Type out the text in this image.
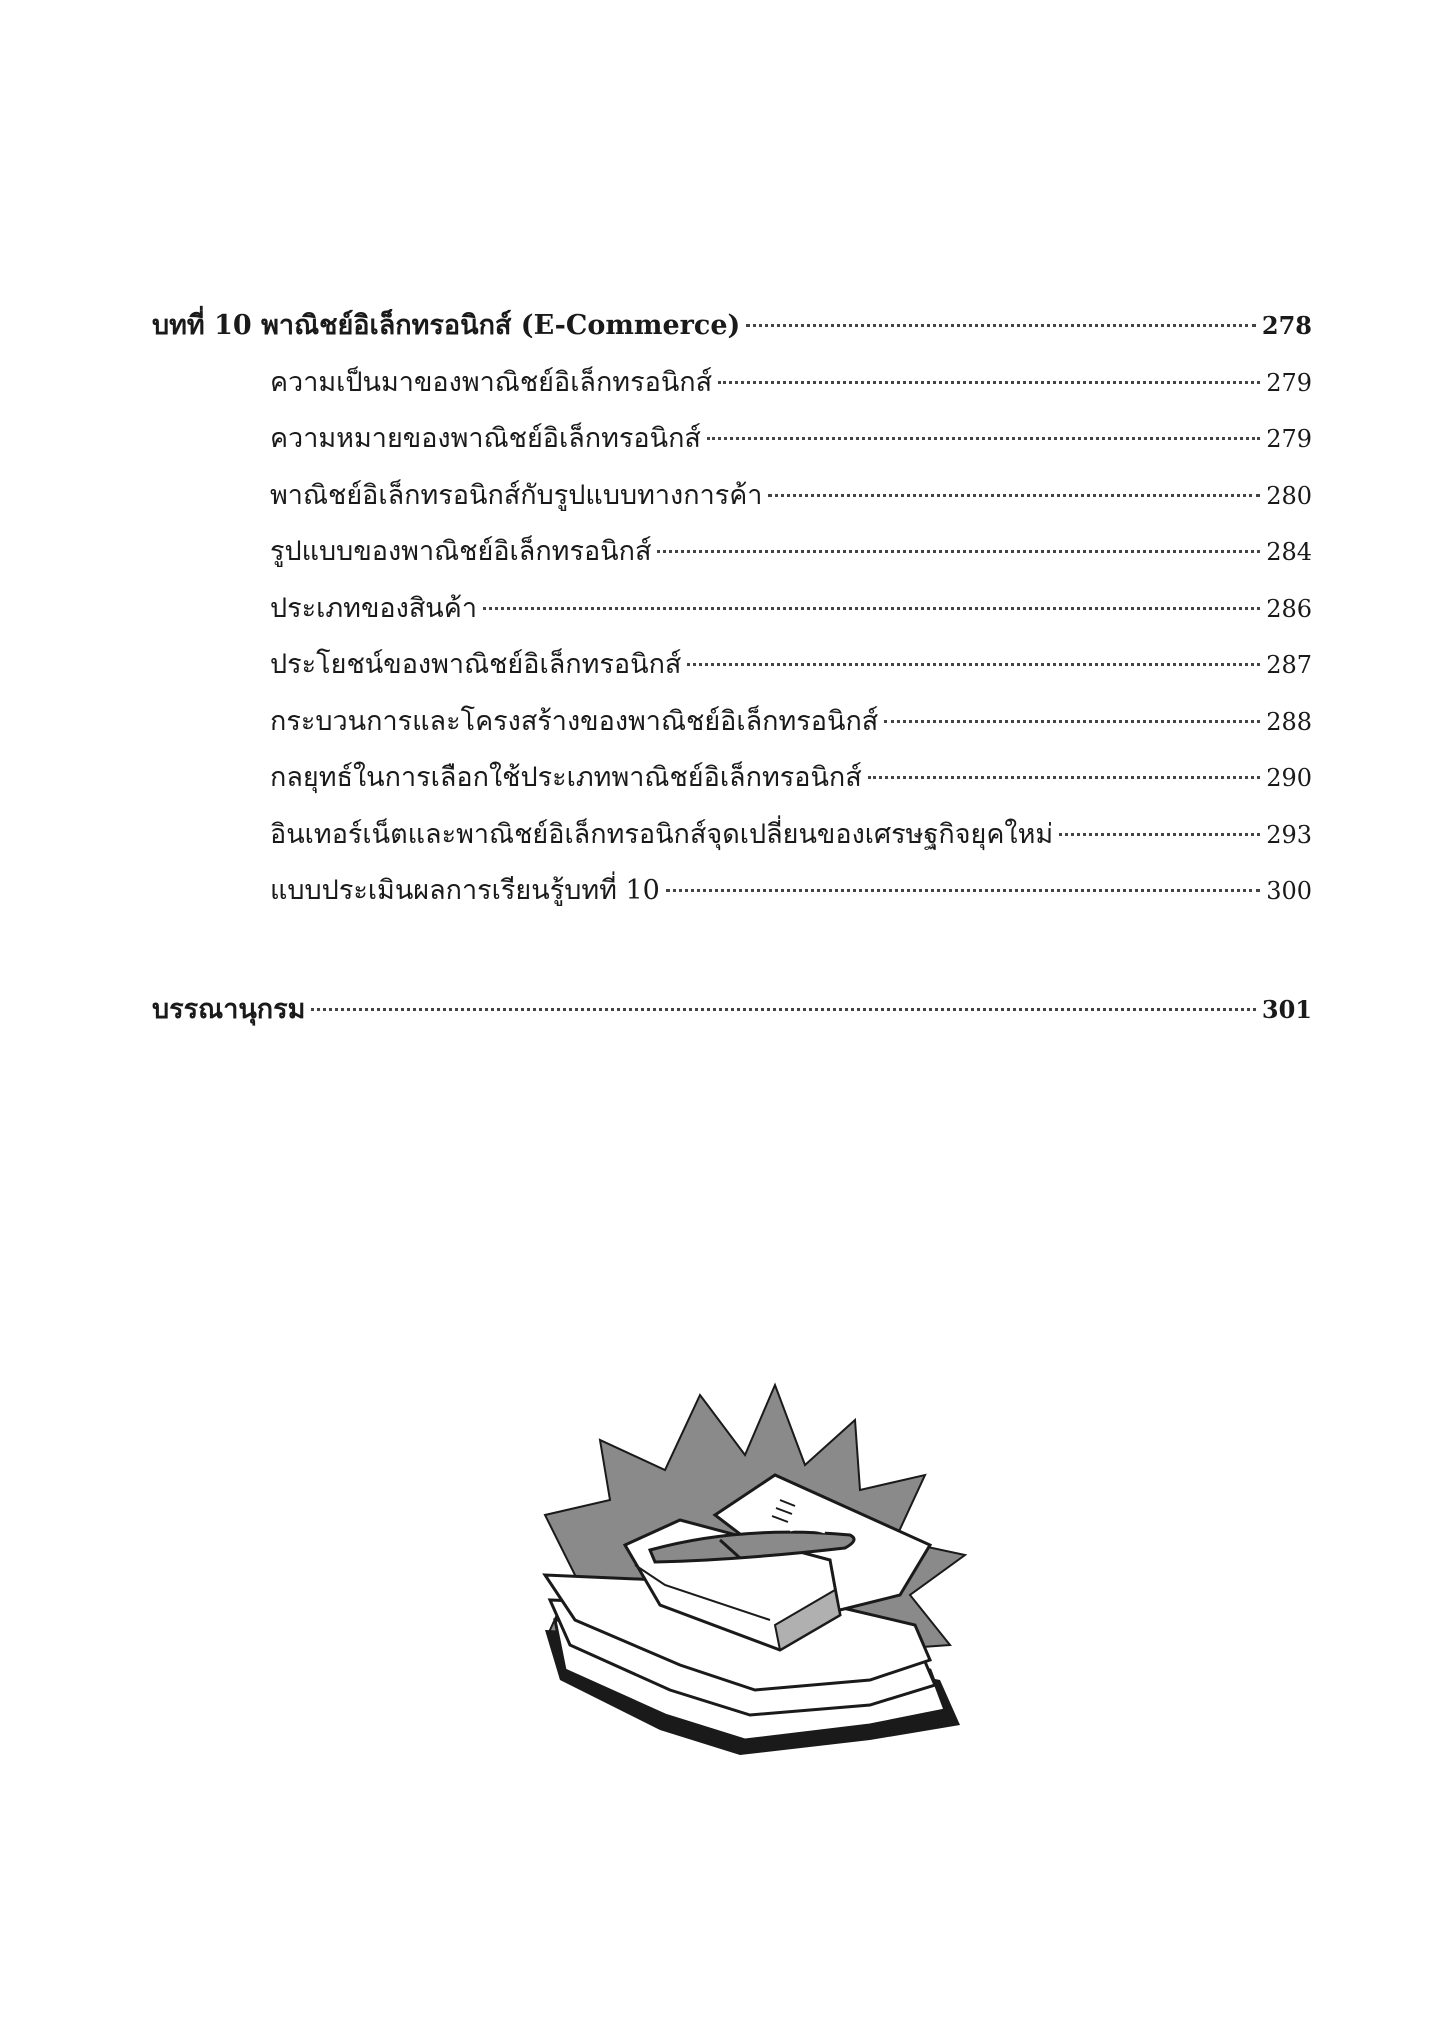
บทที่ 10 พาณิชย์อิเล็กทรอนิกส์ (E-Commerce)	278
ความเป็นมาของพาณิชย์อิเล็กทรอนิกส์	279
ความหมายของพาณิชย์อิเล็กทรอนิกส์	279
พาณิชย์อิเล็กทรอนิกส์กับรูปแบบทางการค้า	280
รูปแบบของพาณิชย์อิเล็กทรอนิกส์	284
ประเภทของสินค้า	286
ประโยชน์ของพาณิชย์อิเล็กทรอนิกส์	287
กระบวนการและโครงสร้างของพาณิชย์อิเล็กทรอนิกส์	288
กลยุทธ์ในการเลือกใช้ประเภทพาณิชย์อิเล็กทรอนิกส์	290
อินเทอร์เน็ตและพาณิชย์อิเล็กทรอนิกส์จุดเปลี่ยนของเศรษฐกิจยุคใหม่	293
แบบประเมินผลการเรียนรู้บทที่ 10	300
บรรณานุกรม	301
